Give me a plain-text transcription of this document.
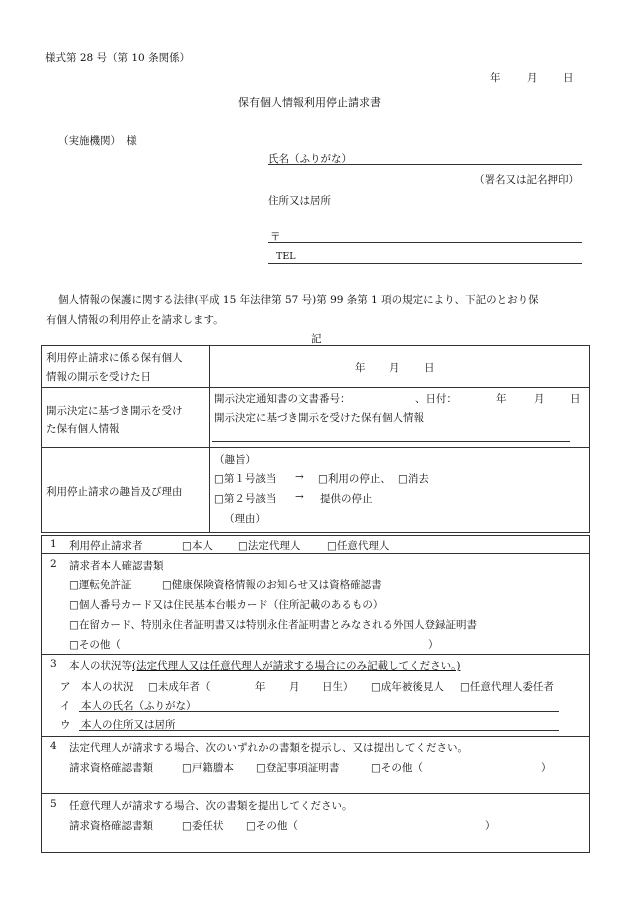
様式第 28 号（第 10 条関係）
年	月 日
保有個人情報利用停止請求書
（実施機関）　様
氏名（ふりがな）
（署名又は記名押印）
住所又は居所
〒
TEL
個人情報の保護に関する法律(平成 15 年法律第 57 号)第 99 条第 1 項の規定により、下記のとおり保
有個人情報の利用停止を請求します。
記
利用停止請求に係る保有個人
情報の開示を受けた日
年 月 日
開示決定に基づき開示を受け
た保有個人情報
開示決定通知書の文書番号：	、日付：	年	月 日
開示決定に基づき開示を受けた保有個人情報
利用停止請求の趣旨及び理由
（趣旨）
□ 第１号該当 → □	利用の停止、 □	消去
□ 第２号該当 → 提供の停止
（理由）
1 利用停止請求者 □	本人 □	法定代理人 □	任意代理人
2 請求者本人確認書類
□ 運転免許証 □	健康保険資格情報のお知らせ又は資格確認書
□ 個人番号カード又は住民基本台帳カード（住所記載のあるもの）
□ 在留カード、特別永住者証明書又は特別永住者証明書とみなされる外国人登録証明書
□ その他（	）
3 本人の状況等(法定代理人又は任意代理人が請求する場合にのみ記載してください。)
ア 本人の状況 □	未成年者（	年 月 日生） □	成年被後見人 □	任意代理人委任者
イ 本人の氏名（ふりがな）
ウ 本人の住所又は居所
4 法定代理人が請求する場合、次のいずれかの書類を提示し、又は提出してください。
請求資格確認書類 □	戸籍謄本 □	登記事項証明書 □	その他（	）
5 任意代理人が請求する場合、次の書類を提出してください。
請求資格確認書類 □	委任状 □	その他（	）
